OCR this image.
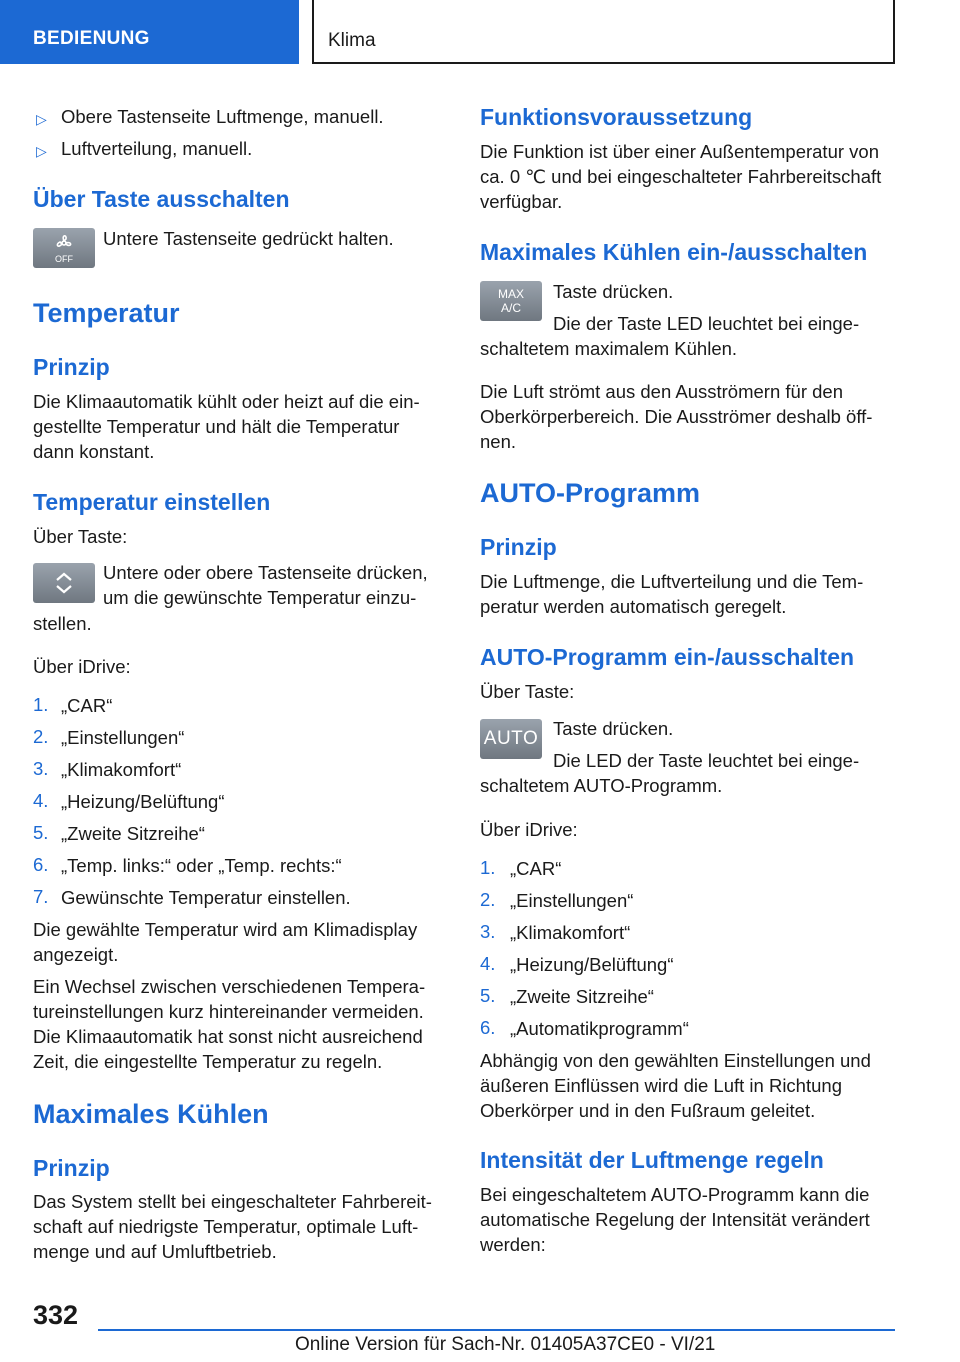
BEDIENUNG	Klima
▷ Obere Tastenseite Luftmenge, manuell.
▷ Luftverteilung, manuell.
Über Taste ausschalten
OFF
Untere Tastenseite gedrückt halten.
Temperatur
Prinzip
Die Klimaautomatik kühlt oder heizt auf die ein-
gestellte Temperatur und hält die Temperatur
dann konstant.
Temperatur einstellen
Über Taste:
Untere oder obere Tastenseite drücken,
um die gewünschte Temperatur einzu-
stellen.
Über iDrive:
1. „CAR“
2. „Einstellungen“
3. „Klimakomfort“
4. „Heizung/Belüftung“
5. „Zweite Sitzreihe“
6. „Temp. links:“ oder „Temp. rechts:“
7. Gewünschte Temperatur einstellen.
Die gewählte Temperatur wird am Klimadisplay
angezeigt.
Ein Wechsel zwischen verschiedenen Tempera-
tureinstellungen kurz hintereinander vermeiden.
Die Klimaautomatik hat sonst nicht ausreichend
Zeit, die eingestellte Temperatur zu regeln.
Maximales Kühlen
Prinzip
Das System stellt bei eingeschalteter Fahrbereit-
schaft auf niedrigste Temperatur, optimale Luft-
menge und auf Umluftbetrieb.
Funktionsvoraussetzung
Die Funktion ist über einer Außentemperatur von
ca. 0 ℃ und bei eingeschalteter Fahrbereitschaft
verfügbar.
Maximales Kühlen ein-/ausschalten
MAX
A/C
Taste drücken.
Die der Taste LED leuchtet bei einge-
schaltetem maximalem Kühlen.
Die Luft strömt aus den Ausströmern für den
Oberkörperbereich. Die Ausströmer deshalb öff-
nen.
AUTO-Programm
Prinzip
Die Luftmenge, die Luftverteilung und die Tem-
peratur werden automatisch geregelt.
AUTO-Programm ein-/ausschalten
Über Taste:
AUTO Taste drücken.
Die LED der Taste leuchtet bei einge-
schaltetem AUTO-Programm.
Über iDrive:
1. „CAR“
2. „Einstellungen“
3. „Klimakomfort“
4. „Heizung/Belüftung“
5. „Zweite Sitzreihe“
6. „Automatikprogramm“
Abhängig von den gewählten Einstellungen und
äußeren Einflüssen wird die Luft in Richtung
Oberkörper und in den Fußraum geleitet.
Intensität der Luftmenge regeln
Bei eingeschaltetem AUTO-Programm kann die
automatische Regelung der Intensität verändert
werden:
332
Online Version für Sach-Nr. 01405A37CE0 - VI/21
